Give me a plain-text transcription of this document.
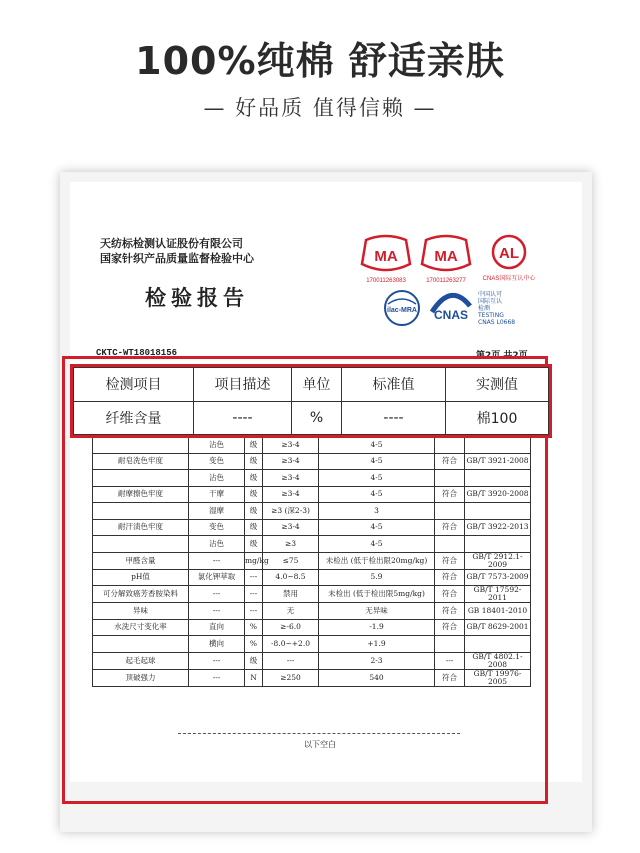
100%纯棉 舒适亲肤
— 好品质 值得信赖 —
天纺标检测认证股份有限公司
国家针织产品质量监督检验中心
检验报告
MA
170011263083
MA
170011263277
AL
CNAS国际互认中心
ilac-MRA CNAS
中国认可
国际互认
检测
TESTING
CNAS L0668
CKTC-WT18018156	第2页 共2页
	沾色	级	≥3-4	4-5		
耐皂洗色牢度	变色	级	≥3-4	4-5	符合	GB/T 3921-2008
	沾色	级	≥3-4	4-5		
耐摩擦色牢度	干摩	级	≥3-4	4-5	符合	GB/T 3920-2008
	湿摩	级	≥3 (深2-3)	3		
耐汗渍色牢度	变色	级	≥3-4	4-5	符合	GB/T 3922-2013
	沾色	级	≥3	4-5		
甲醛含量	---	mg/kg	≤75	未检出 (低于检出限20mg/kg)	符合	GB/T 2912.1-2009
pH值	氯化钾萃取	---	4.0~8.5	5.9	符合	GB/T 7573-2009
可分解致癌芳香胺染料	---	---	禁用	未检出 (低于检出限5mg/kg)	符合	GB/T 17592-2011
异味	---	---	无	无异味	符合	GB 18401-2010
水洗尺寸变化率	直向	%	≥-6.0	-1.9	符合	GB/T 8629-2001
	横向	%	-8.0~+2.0	+1.9		
起毛起球	---	级	---	2-3	---	GB/T 4802.1-2008
顶破强力	---	N	≥250	540	符合	GB/T 19976-2005
检测项目	项目描述	单位	标准值	实测值
纤维含量	----	%	----	棉100
以下空白
